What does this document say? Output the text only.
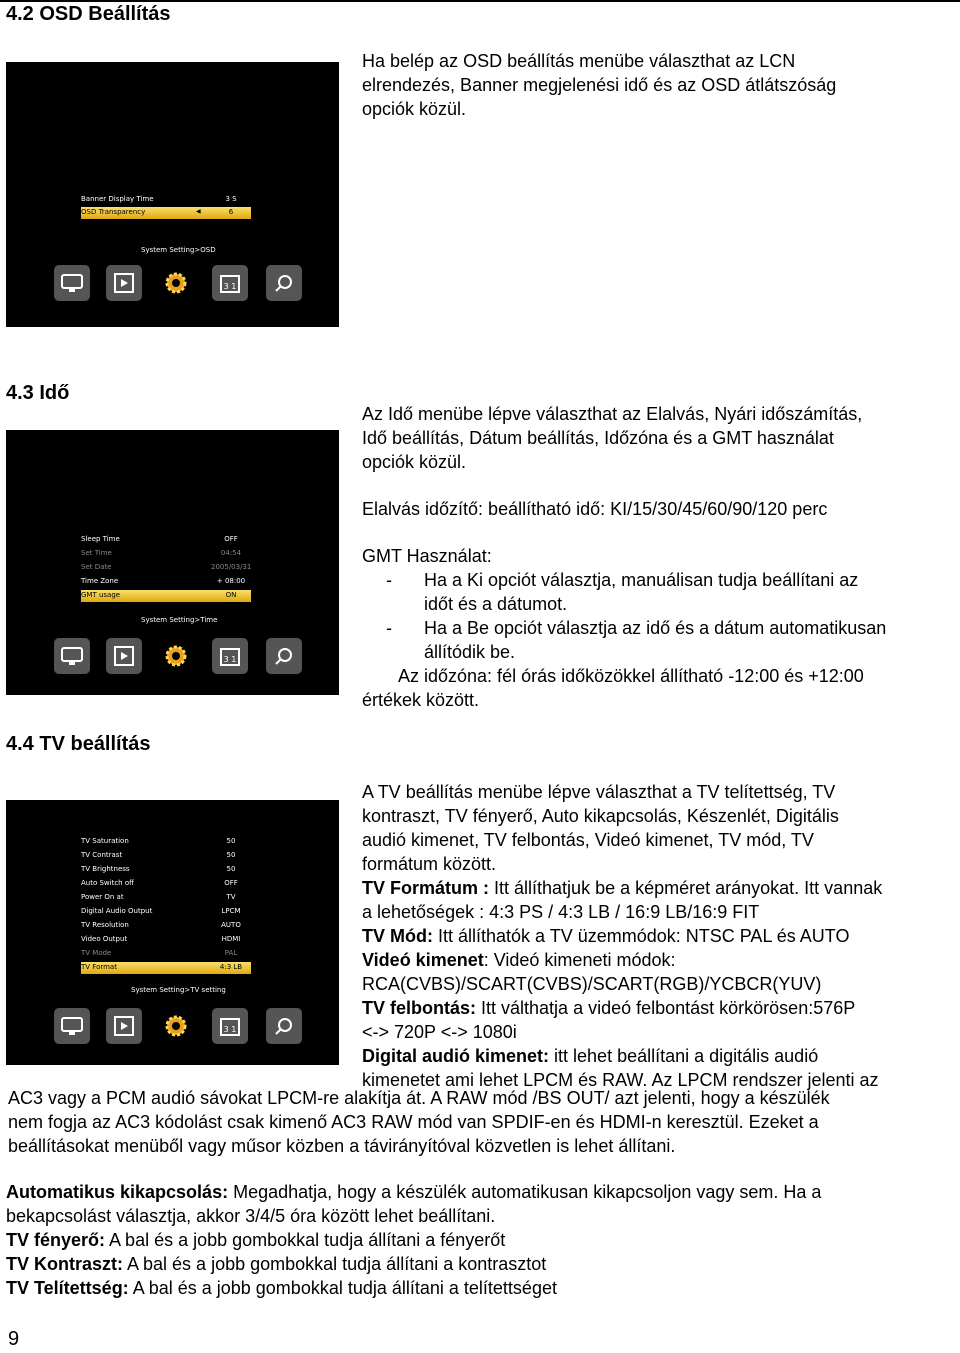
4.2 OSD Beállítás
Banner Display Time	3 S
OSD Transparency	◀	6	▶
System Setting>OSD
3 1

Ha belép az OSD beállítás menübe választhat az LCN

elrendezés, Banner megjelenési idő és az OSD átlátszóság

opciók közül.

4.3 Idő
Sleep Time	OFF
Set Time	04:54
Set Date	2005/03/31
Time Zone	+ 08:00
GMT usage	ON
System Setting>Time
3 1

Az Idő menübe lépve választhat az Elalvás, Nyári időszámítás,

Idő beállítás, Dátum beállítás, Időzóna és a GMT használat

opciók közül.

Elalvás időzítő: beállítható idő: KI/15/30/45/60/90/120 perc

GMT Használat:

- Ha a Ki opciót választja, manuálisan tudja beállítani az

időt és a dátumot.

- Ha a Be opciót választja az idő és a dátum automatikusan

állítódik be.

Az időzóna: fél órás időközökkel állítható -12:00 és +12:00

értékek között.

4.4 TV beállítás
TV Saturation	50
TV Contrast	50
TV Brightness	50
Auto Switch off	OFF
Power On at	TV
Digital Audio Output	LPCM
TV Resolution	AUTO
Video Output	HDMI
TV Mode	PAL
TV Format	4:3 LB
System Setting>TV setting
3 1

A TV beállítás menübe lépve választhat a TV telítettség, TV

kontraszt, TV fényerő, Auto kikapcsolás, Készenlét, Digitális

audió kimenet, TV felbontás, Videó kimenet, TV mód, TV

formátum között.

TV Formátum : Itt állíthatjuk be a képméret arányokat. Itt vannak

a lehetőségek : 4:3 PS / 4:3 LB / 16:9 LB/16:9 FIT

TV Mód: Itt állíthatók a TV üzemmódok: NTSC PAL és AUTO

Videó kimenet: Videó kimeneti módok:

RCA(CVBS)/SCART(CVBS)/SCART(RGB)/YCBCR(YUV)

TV felbontás: Itt válthatja a videó felbontást körkörösen:576P

<-> 720P <-> 1080i

Digital audió kimenet: itt lehet beállítani a digitális audió

kimenetet ami lehet LPCM és RAW. Az LPCM rendszer jelenti az

AC3 vagy a PCM audió sávokat LPCM-re alakítja át. A RAW mód /BS OUT/ azt jelenti, hogy a készülék

nem fogja az AC3 kódolást csak kimenő AC3 RAW mód van SPDIF-en és HDMI-n keresztül. Ezeket a

beállításokat menüből vagy műsor közben a távirányítóval közvetlen is lehet állítani.

Automatikus kikapcsolás: Megadhatja, hogy a készülék automatikusan kikapcsoljon vagy sem. Ha a

bekapcsolást választja, akkor 3/4/5 óra között lehet beállítani.

TV fényerő: A bal és a jobb gombokkal tudja állítani a fényerőt

TV Kontraszt: A bal és a jobb gombokkal tudja állítani a kontrasztot

TV Telítettség: A bal és a jobb gombokkal tudja állítani a telítettséget

9
